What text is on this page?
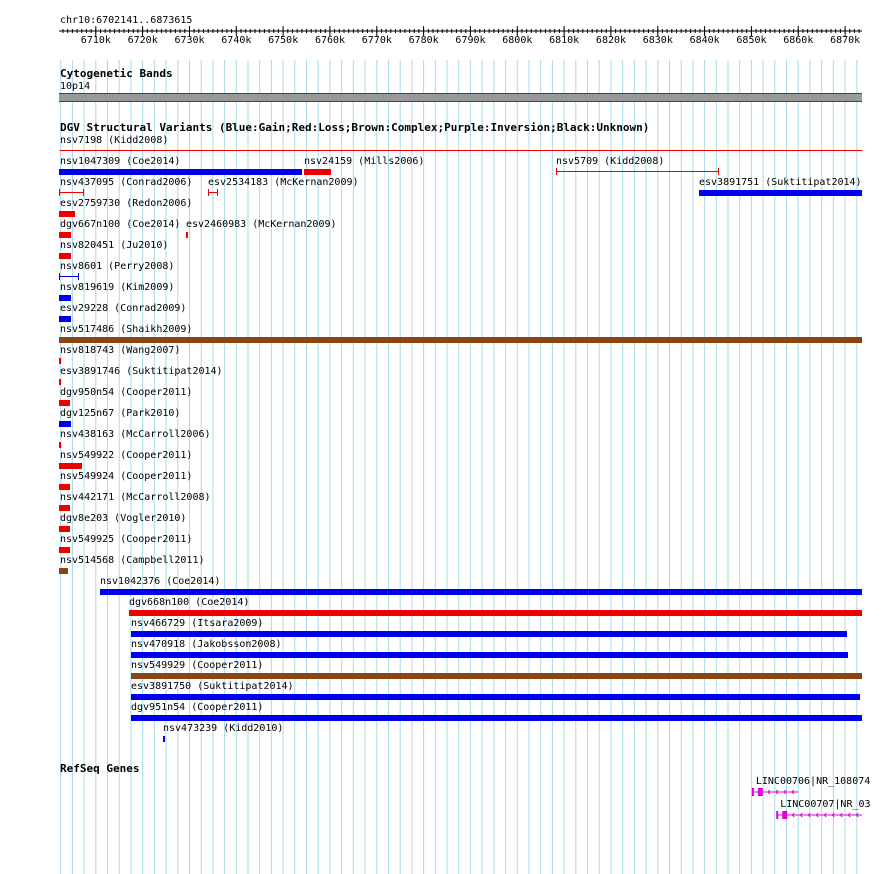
chr10:6702141..6873615
6710k 6720k 6730k 6740k 6750k 6760k 6770k 6780k 6790k 6800k 6810k 6820k 6830k 6840k 6850k 6860k 6870k
Cytogenetic Bands
10p14
DGV Structural Variants (Blue:Gain;Red:Loss;Brown:Complex;Purple:Inversion;Black:Unknown)
nsv7198 (Kidd2008)
nsv1047309 (Coe2014)	nsv24159 (Mills2006)	nsv5709 (Kidd2008)
nsv437095 (Conrad2006) esv2534183 (McKernan2009)	esv3891751 (Suktitipat2014)
esv2759730 (Redon2006)
dgv667n100 (Coe2014) esv2460983 (McKernan2009)
nsv820451 (Ju2010)
nsv8601 (Perry2008)
nsv819619 (Kim2009)
esv29228 (Conrad2009)
nsv517486 (Shaikh2009)
nsv818743 (Wang2007)
esv3891746 (Suktitipat2014)
dgv950n54 (Cooper2011)
dgv125n67 (Park2010)
nsv438163 (McCarroll2006)
nsv549922 (Cooper2011)
nsv549924 (Cooper2011)
nsv442171 (McCarroll2008)
dgv8e203 (Vogler2010)
nsv549925 (Cooper2011)
nsv514568 (Campbell2011)
nsv1042376 (Coe2014)
dgv668n100 (Coe2014)
nsv466729 (Itsara2009)
nsv470918 (Jakobsson2008)
nsv549929 (Cooper2011)
esv3891750 (Suktitipat2014)
dgv951n54 (Cooper2011)
nsv473239 (Kidd2010)
RefSeq Genes
LINC00706|NR_108074
LINC00707|NR_03
